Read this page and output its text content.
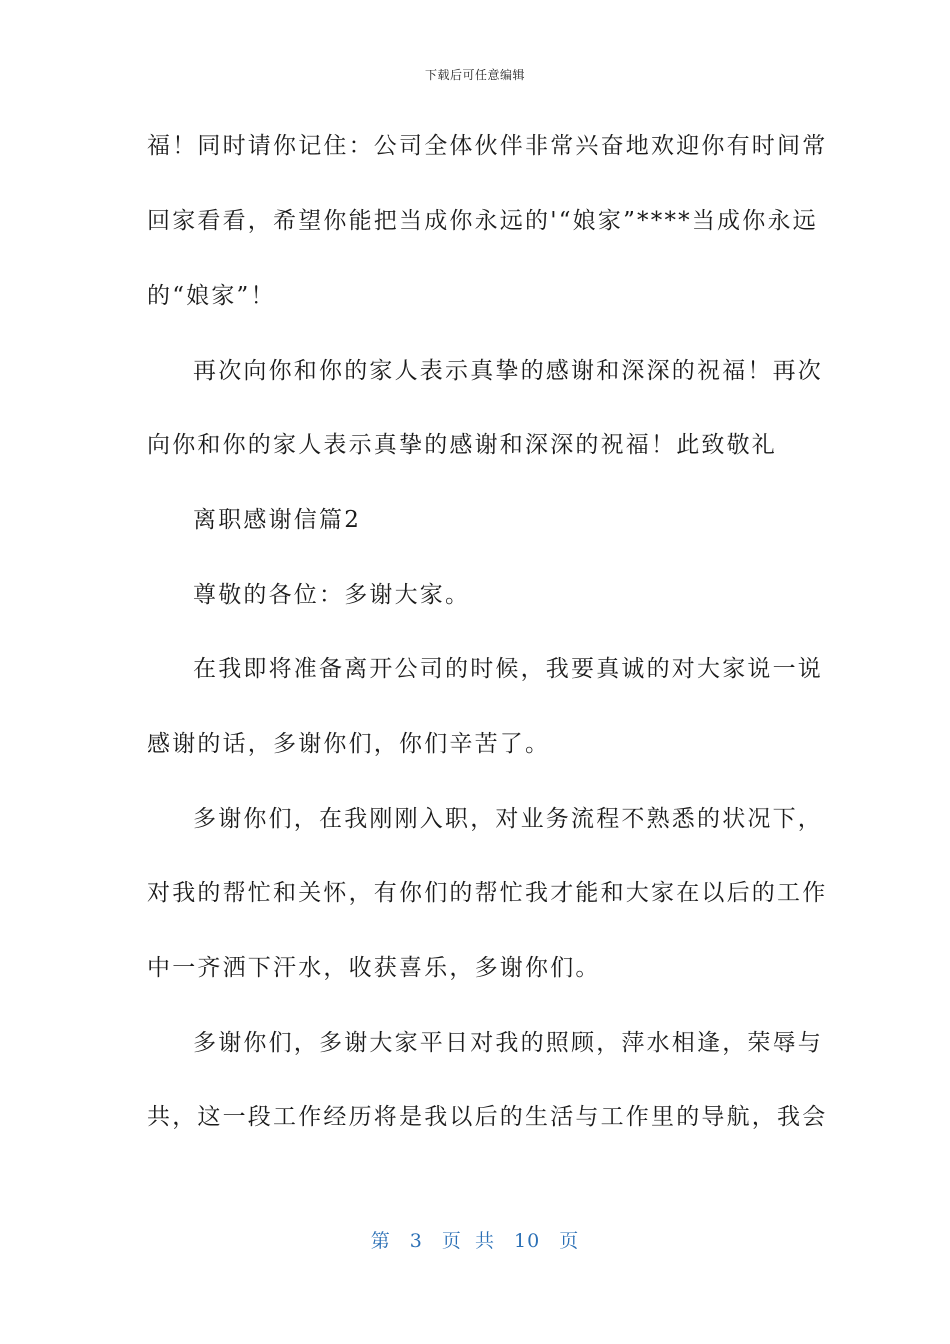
下载后可任意编辑
福！同时请你记住：公司全体伙伴非常兴奋地欢迎你有时间常
回家看看，希望你能把当成你永远的'“娘家”****当成你永远
的“娘家”！
再次向你和你的家人表示真挚的感谢和深深的祝福！再次
向你和你的家人表示真挚的感谢和深深的祝福！此致敬礼
离职感谢信篇2
尊敬的各位：多谢大家。
在我即将准备离开公司的时候，我要真诚的对大家说一说
感谢的话，多谢你们，你们辛苦了。
多谢你们，在我刚刚入职，对业务流程不熟悉的状况下，
对我的帮忙和关怀，有你们的帮忙我才能和大家在以后的工作
中一齐洒下汗水，收获喜乐，多谢你们。
多谢你们，多谢大家平日对我的照顾，萍水相逢，荣辱与
共，这一段工作经历将是我以后的生活与工作里的导航，我会
第 3 页 共 10 页
